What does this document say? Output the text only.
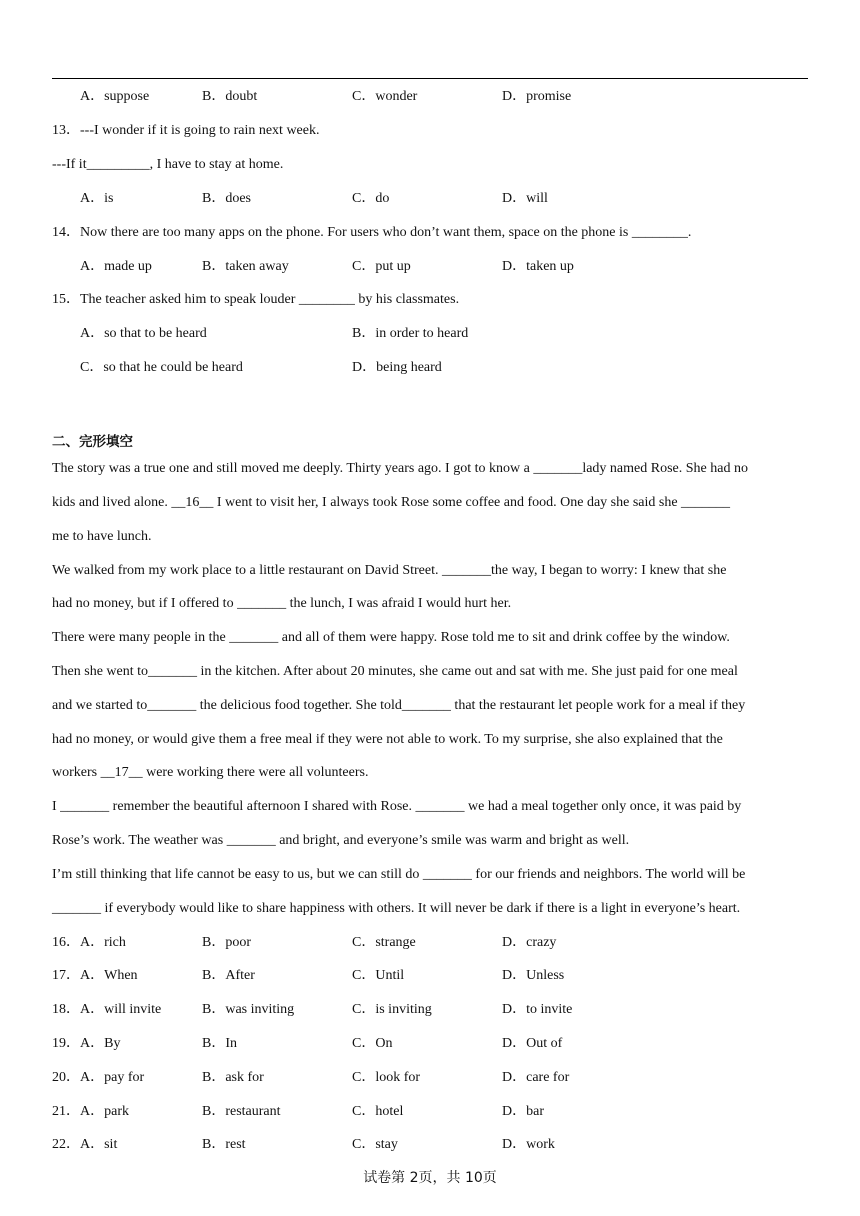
A．suppose	B．doubt	C．wonder	D．promise
13．---I wonder if it is going to rain next week.
---If it_________, I have to stay at home.
A．is	B．does	C．do	D．will
14．Now there are too many apps on the phone. For users who don’t want them, space on the phone is ________.
A．made up	B．taken away	C．put up	D．taken up
15．The teacher asked him to speak louder ________ by his classmates.
A．so that to be heard	B．in order to heard
C．so that he could be heard	D．being heard
二、完形填空
The story was a true one and still moved me deeply. Thirty years ago. I got to know a _______lady named Rose. She had no
kids and lived alone. __16__ I went to visit her, I always took Rose some coffee and food. One day she said she _______
me to have lunch.
We walked from my work place to a little restaurant on David Street. _______the way, I began to worry: I knew that she
had no money, but if I offered to _______ the lunch, I was afraid I would hurt her.
There were many people in the _______ and all of them were happy. Rose told me to sit and drink coffee by the window.
Then she went to_______ in the kitchen. After about 20 minutes, she came out and sat with me. She just paid for one meal
and we started to_______ the delicious food together. She told_______ that the restaurant let people work for a meal if they
had no money, or would give them a free meal if they were not able to work. To my surprise, she also explained that the
workers __17__ were working there were all volunteers.
I _______ remember the beautiful afternoon I shared with Rose. _______ we had a meal together only once, it was paid by
Rose’s work. The weather was _______ and bright, and everyone’s smile was warm and bright as well.
I’m still thinking that life cannot be easy to us, but we can still do _______ for our friends and neighbors. The world will be
_______ if everybody would like to share happiness with others. It will never be dark if there is a light in everyone’s heart.
16． A．rich	B．poor	C．strange	D．crazy
17． A．When	B．After	C．Until	D．Unless
18． A．will invite	B．was inviting	C．is inviting	D．to invite
19． A．By	B．In	C．On	D．Out of
20． A．pay for	B．ask for	C．look for	D．care for
21． A．park	B．restaurant	C．hotel	D．bar
22． A．sit	B．rest	C．stay	D．work
试卷第 2页，共 10页
